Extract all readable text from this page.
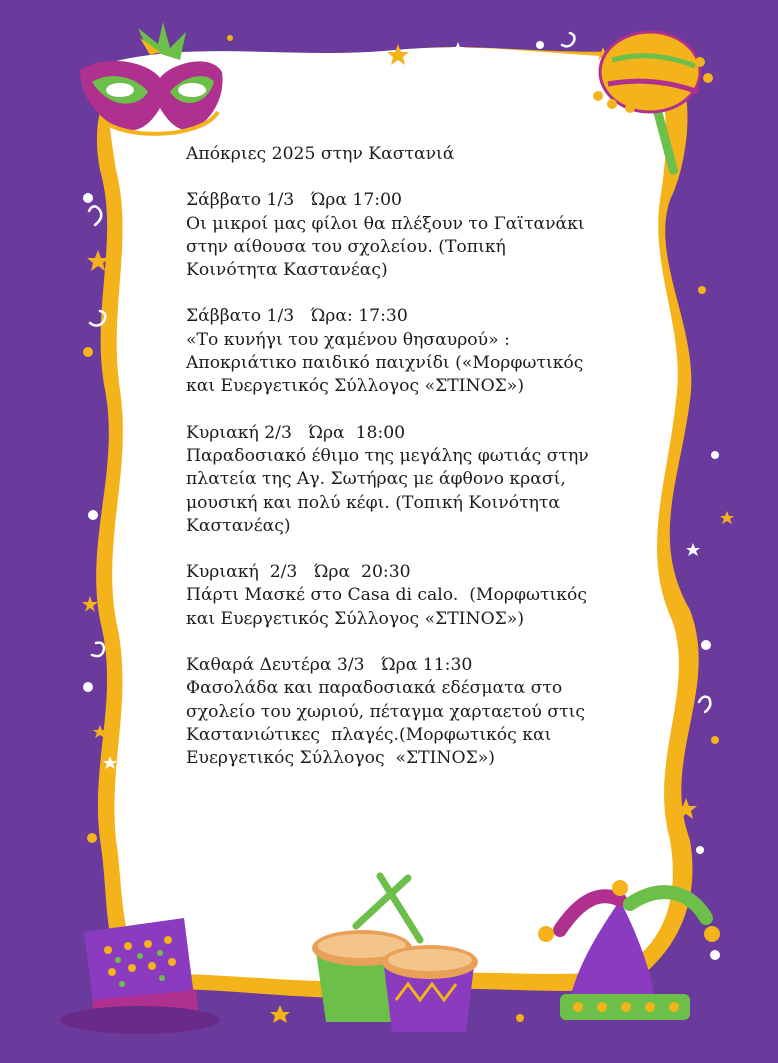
Απόκριες 2025 στην Καστανιά
Σάββατο 1/3   Ώρα 17:00
Οι μικροί μας φίλοι θα πλέξουν το Γαϊτανάκι
στην αίθουσα του σχολείου. (Τοπική
Κοινότητα Καστανέας)
Σάββατο 1/3   Ώρα: 17:30
«Το κυνήγι του χαμένου θησαυρού» :
Αποκριάτικο παιδικό παιχνίδι («Μορφωτικός
και Ευεργετικός Σύλλογος «ΣΤΙΝΟΣ»)
Κυριακή 2/3   Ώρα  18:00
Παραδοσιακό έθιμο της μεγάλης φωτιάς στην
πλατεία της Αγ. Σωτήρας με άφθονο κρασί,
μουσική και πολύ κέφι. (Τοπική Κοινότητα
Καστανέας)
Κυριακή  2/3   Ώρα  20:30
Πάρτι Μασκέ στο Casa di calo.  (Μορφωτικός
και Ευεργετικός Σύλλογος «ΣΤΙΝΟΣ»)
Καθαρά Δευτέρα 3/3   Ώρα 11:30
Φασολάδα και παραδοσιακά εδέσματα στο
σχολείο του χωριού, πέταγμα χαρταετού στις
Καστανιώτικες  πλαγές.(Μορφωτικός και
Ευεργετικός Σύλλογος  «ΣΤΙΝΟΣ»)
